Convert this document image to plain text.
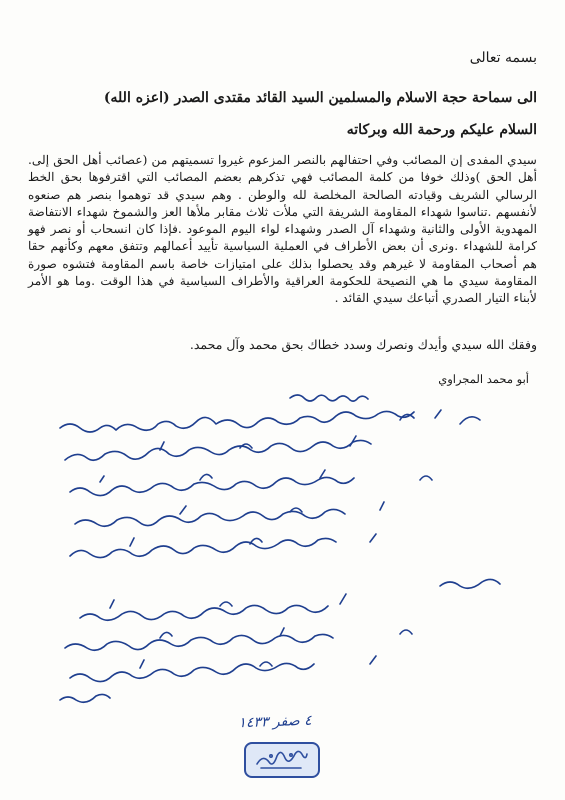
بسمه تعالى
الى سماحة حجة الاسلام والمسلمين السيد القائد مقتدى الصدر (اعزه الله)
السلام عليكم ورحمة الله وبركاته
سيدي المفدى إن المصائب وفي احتفالهم بالنصر المزعوم غيروا تسميتهم من (عصائب أهل الحق إلى. أهل الحق )وذلك خوفا من كلمة المصائب فهي تذكرهم بعضم المصائب التي اقترفوها بحق الخط الرسالي الشريف وقيادته الصالحة المخلصة لله والوطن . وهم سيدي قد توهموا بنصر هم صنعوه لأنفسهم .تناسوا شهداء المقاومة الشريفة التي ملأت ثلاث مقابر ملأها العز والشموخ شهداء الانتفاضة المهدوية الأولى والثانية وشهداء آل الصدر وشهداء لواء اليوم الموعود .فإذا كان انسحاب أو نصر فهو كرامة للشهداء .ونرى أن بعض الأطراف في العملية السياسية تأييد أعمالهم وتتفق معهم وكأنهم حقا هم أصحاب المقاومة لا غيرهم وقد يحصلوا بذلك على امتيازات خاصة باسم المقاومة فتشوه صورة المقاومة سيدي ما هي النصيحة للحكومة العراقية والأطراف السياسية في هذا الوقت .وما هو الأمر لأبناء التيار الصدري أتباعك سيدي القائد .
وفقك الله سيدي وأيدك ونصرك وسدد خطاك بحق محمد وآل محمد.
أبو محمد المجراوي
٤ صفر ١٤٣٣
